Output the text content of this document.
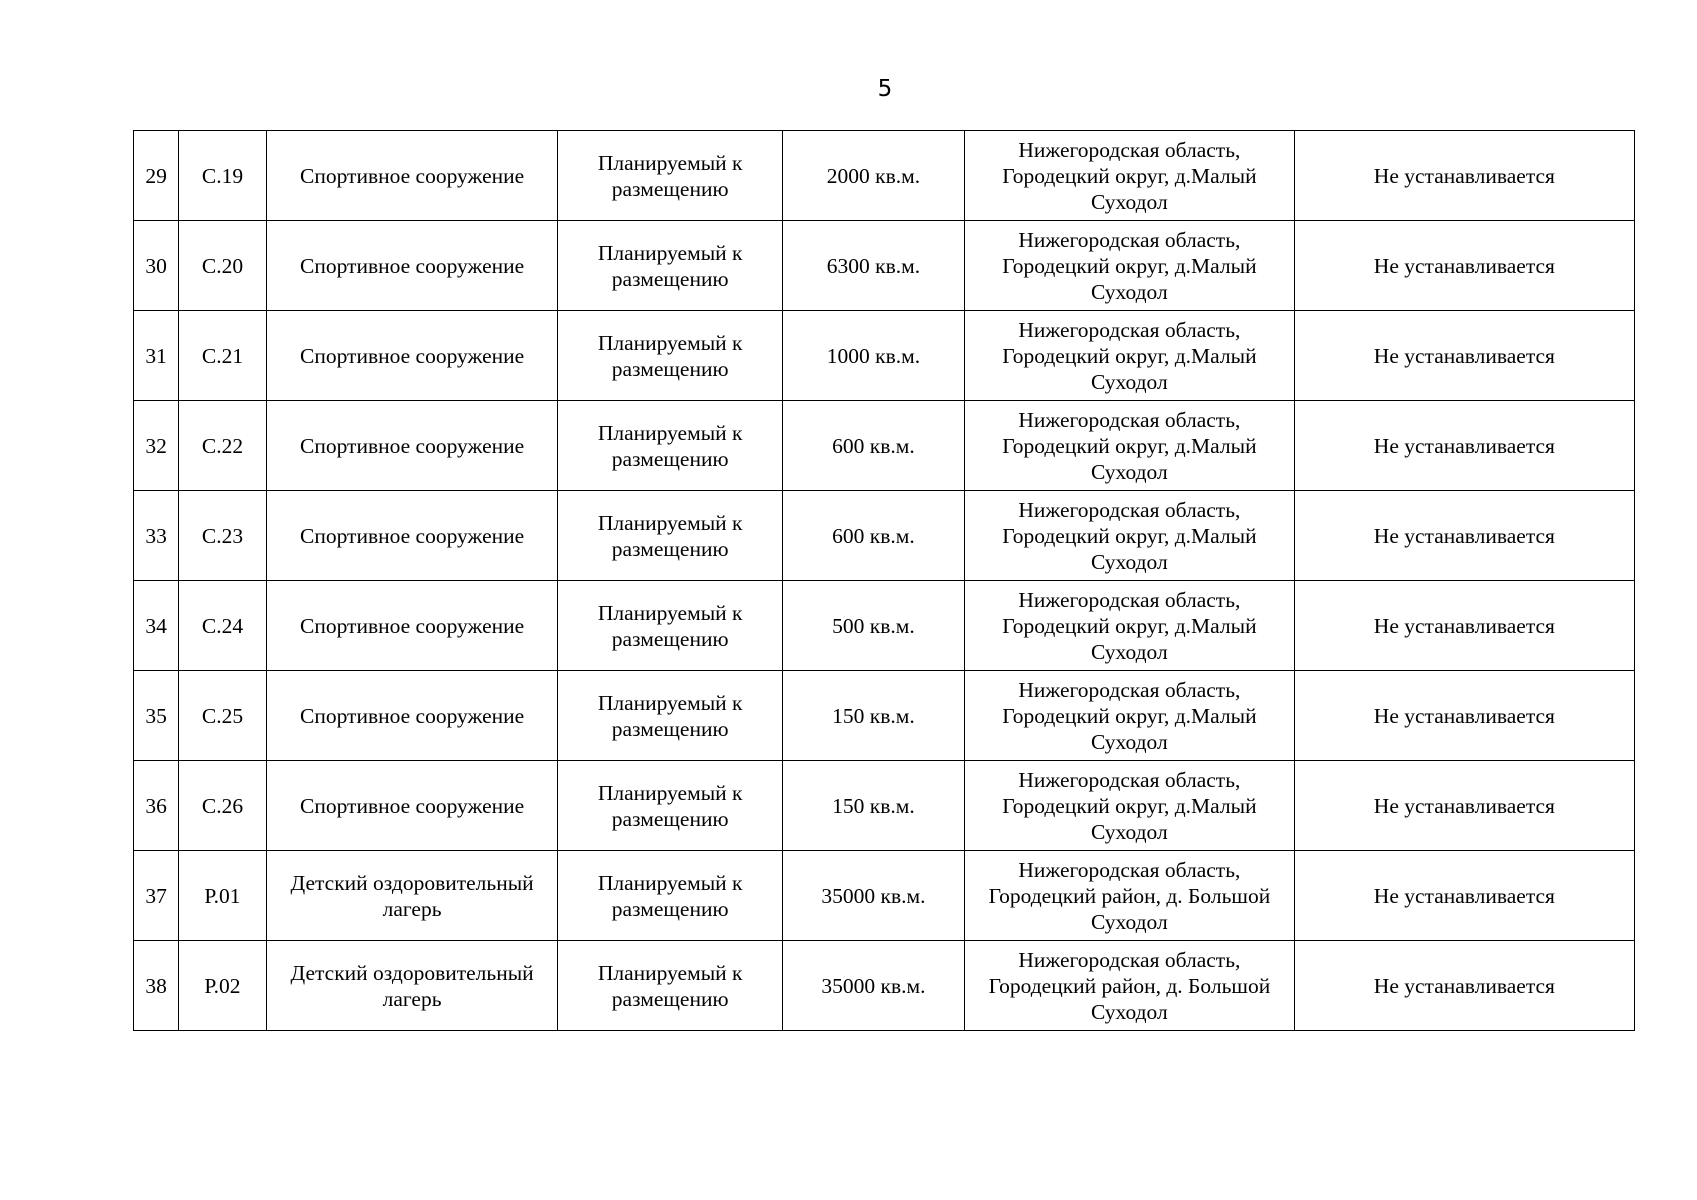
5
29	С.19	Спортивное сооружение	Планируемый к
размещению	2000 кв.м.	Нижегородская область,
Городецкий округ, д.Малый
Суходол	Не устанавливается
30	С.20	Спортивное сооружение	Планируемый к
размещению	6300 кв.м.	Нижегородская область,
Городецкий округ, д.Малый
Суходол	Не устанавливается
31	С.21	Спортивное сооружение	Планируемый к
размещению	1000 кв.м.	Нижегородская область,
Городецкий округ, д.Малый
Суходол	Не устанавливается
32	С.22	Спортивное сооружение	Планируемый к
размещению	600 кв.м.	Нижегородская область,
Городецкий округ, д.Малый
Суходол	Не устанавливается
33	С.23	Спортивное сооружение	Планируемый к
размещению	600 кв.м.	Нижегородская область,
Городецкий округ, д.Малый
Суходол	Не устанавливается
34	С.24	Спортивное сооружение	Планируемый к
размещению	500 кв.м.	Нижегородская область,
Городецкий округ, д.Малый
Суходол	Не устанавливается
35	С.25	Спортивное сооружение	Планируемый к
размещению	150 кв.м.	Нижегородская область,
Городецкий округ, д.Малый
Суходол	Не устанавливается
36	С.26	Спортивное сооружение	Планируемый к
размещению	150 кв.м.	Нижегородская область,
Городецкий округ, д.Малый
Суходол	Не устанавливается
37	Р.01	Детский оздоровительный
лагерь	Планируемый к
размещению	35000 кв.м.	Нижегородская область,
Городецкий район, д. Большой
Суходол	Не устанавливается
38	Р.02	Детский оздоровительный
лагерь	Планируемый к
размещению	35000 кв.м.	Нижегородская область,
Городецкий район, д. Большой
Суходол	Не устанавливается
